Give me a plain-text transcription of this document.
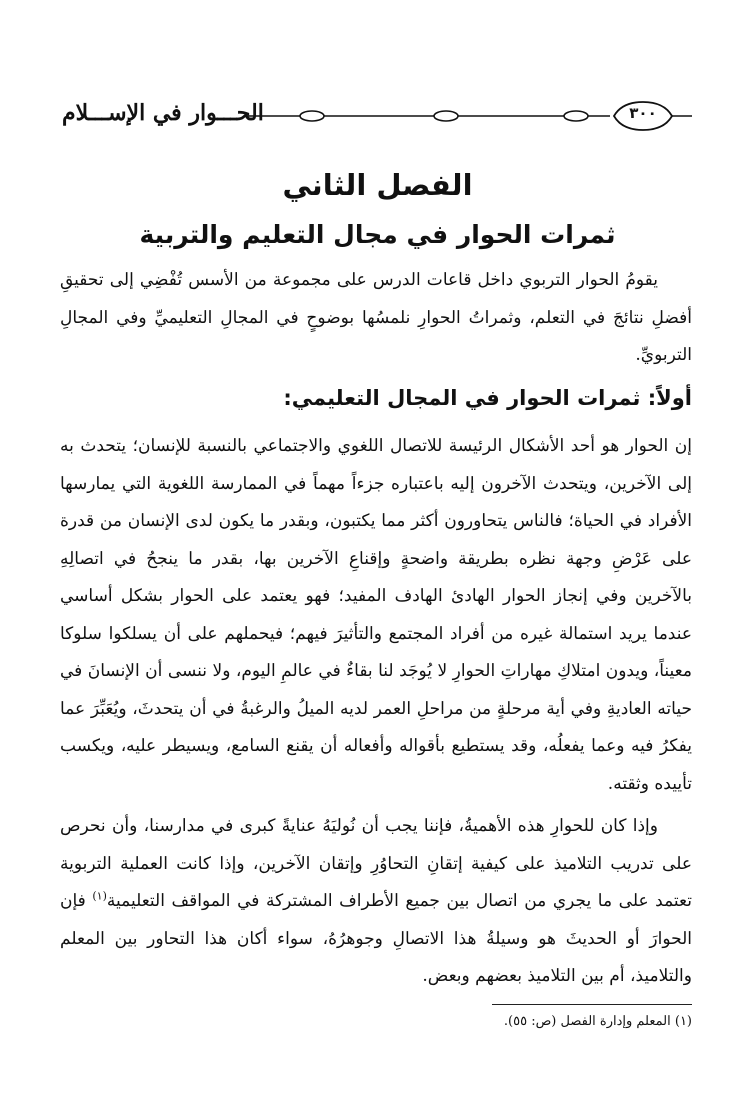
الحـــوار في الإســـلام	٣٠٠
الفصل الثاني
ثمرات الحوار في مجال التعليم والتربية

يقومُ الحوار التربوي داخل قاعات الدرس على مجموعة من الأسس تُفْضِي إلى تحقيقِ أفضلِ نتائجَ في التعلم، وثمراتُ الحوارِ نلمسُها بوضوحٍ في المجالِ التعليميِّ وفي المجالِ التربويِّ.

أولاً: ثمرات الحوار في المجال التعليمي:

إن الحوار هو أحد الأشكال الرئيسة للاتصال اللغوي والاجتماعي بالنسبة للإنسان؛ يتحدث به إلى الآخرين، ويتحدث الآخرون إليه باعتباره جزءاً مهماً في الممارسة اللغوية التي يمارسها الأفراد في الحياة؛ فالناس يتحاورون أكثر مما يكتبون، وبقدر ما يكون لدى الإنسان من قدرة على عَرْضِ وجهة نظره بطريقة واضحةٍ وإقناعِ الآخرين بها، بقدر ما ينجحُ في اتصالِهِ بالآخرين وفي إنجاز الحوار الهادئ الهادف المفيد؛ فهو يعتمد على الحوار بشكل أساسي عندما يريد استمالة غيره من أفراد المجتمع والتأثيرَ فيهم؛ فيحملهم على أن يسلكوا سلوكا معيناً، ويدون امتلاكِ مهاراتِ الحوارِ لا يُوجَد لنا بقاءٌ في عالمِ اليوم، ولا ننسى أن الإنسانَ في حياته العاديةِ وفي أية مرحلةٍ من مراحلِ العمر لديه الميلُ والرغبةُ في أن يتحدثَ، ويُعَبِّرَ عما يفكرُ فيه وعما يفعلُه، وقد يستطيع بأقواله وأفعاله أن يقنع السامع، ويسيطر عليه، ويكسب تأييده وثقته.

وإذا كان للحوارِ هذه الأهميةُ، فإننا يجب أن نُوليَهُ عنايةً كبرى في مدارسنا، وأن نحرص على تدريب التلاميذ على كيفية إتقانِ التحاوُرِ وإتقان الآخرين، وإذا كانت العملية التربوية تعتمد على ما يجري من اتصال بين جميع الأطراف المشتركة في المواقف التعليمية$^{(١)}$ فإن الحوارَ أو الحديثَ هو وسيلةُ هذا الاتصالِ وجوهرُهُ، سواء أكان هذا التحاور بين المعلم والتلاميذ، أم بين التلاميذ بعضهم وبعض.

(١) المعلم وإدارة الفصل (ص: ٥٥).
